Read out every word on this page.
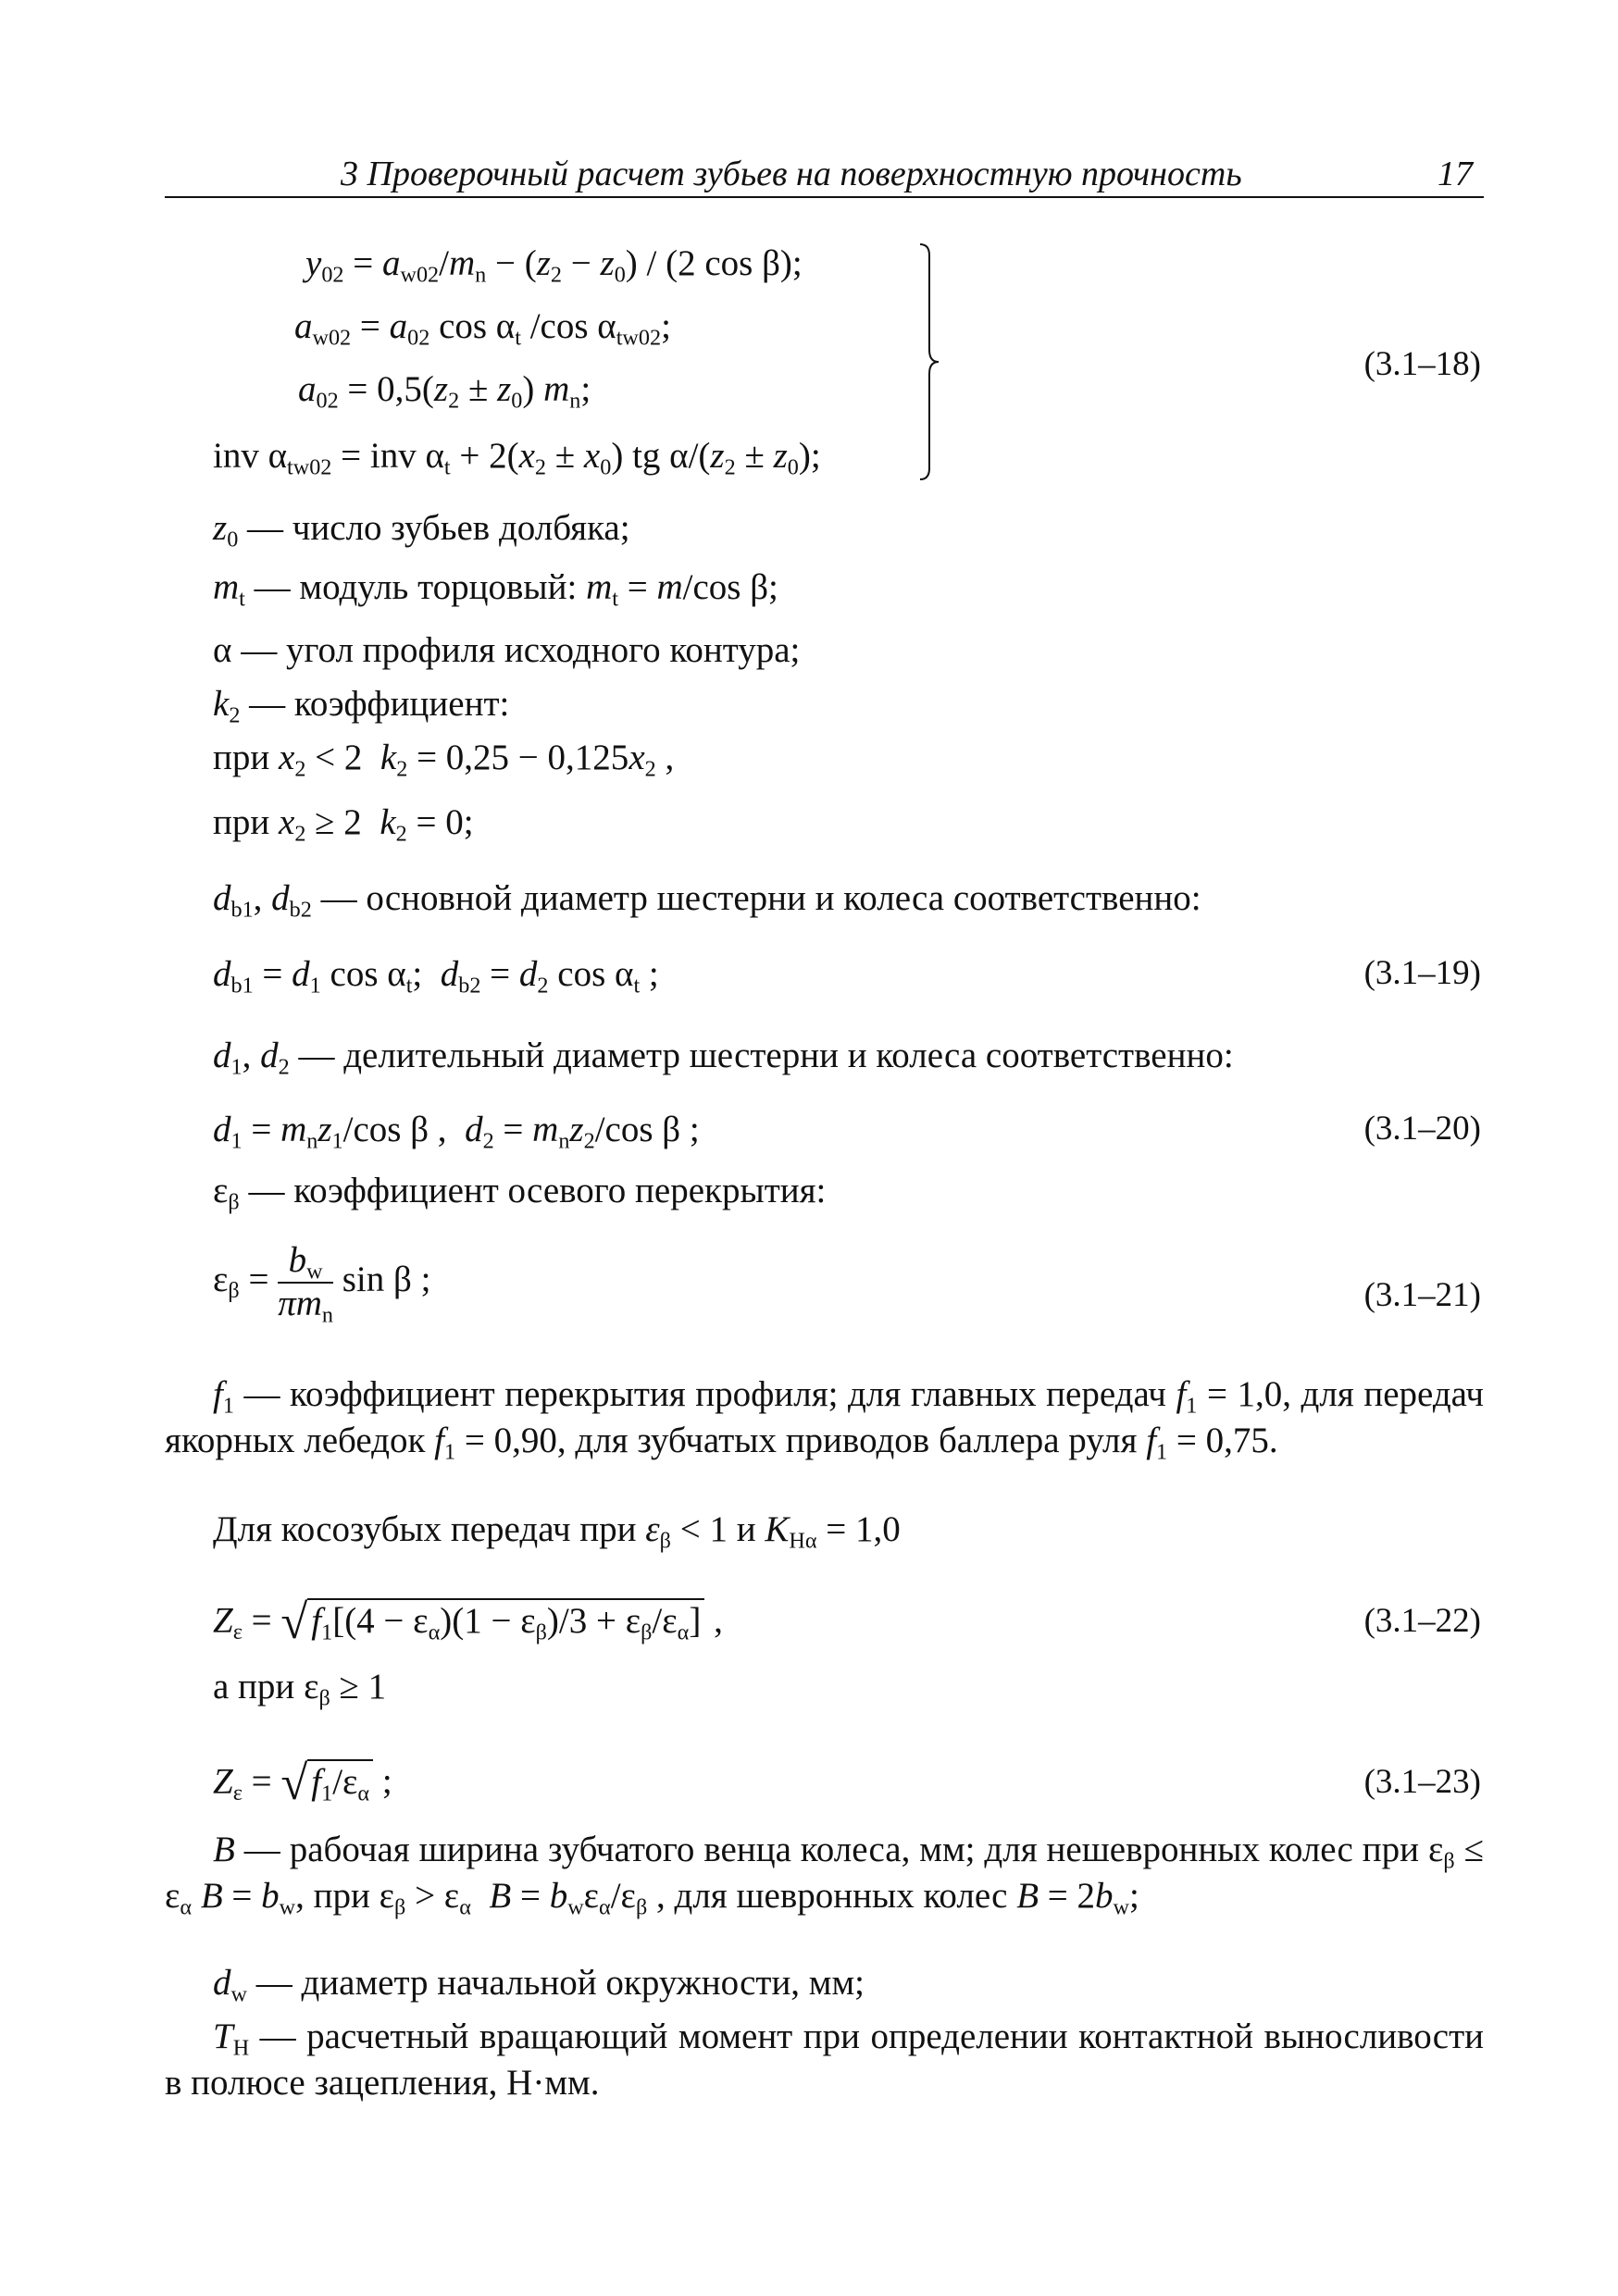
3 Проверочный расчет зубьев на поверхностную прочность	17
$y_{02} = a_{w02}/m_n - (z_2 - z_0) / (2$ cos β);
$a_{w02} = a_{02}$ $\cos \alpha_t$ /cos $\alpha_{tw02}$;
$a_{02} = 0,5(z_2 \pm z_0)$ $m_n$;
inv $\alpha_{tw02}$ = inv $\alpha_t + 2(x_2 \pm x_0)$ tg $\alpha/(z_2 \pm z_0)$;
(3.1–18)
$z_0$ — число зубьев долбяка;
$m_t$ — модуль торцовый: $m_t = m/\cos$ β;
α — угол профиля исходного контура;
$k_2$ — коэффициент:
при $x_2 < 2$  $k_2 = 0,25 - 0,125x_2$ ,
при $x_2 \ge 2$  $k_2 = 0$;
$d_{b1}$, $d_{b2}$ — основной диаметр шестерни и колеса соответственно:
$d_{b1} = d_1$ $\cos \alpha_t$;  $d_{b2} = d_2$ $\cos \alpha_t$ ;	(3.1–19)
$d_1$, $d_2$ — делительный диаметр шестерни и колеса соответственно:
$d_1 = m_nz_1/\cos$ β ,  $d_2 = m_nz_2/\cos$ β ;	(3.1–20)
$\varepsilon_\beta$ — коэффициент осевого перекрытия:
$\varepsilon_\beta = \frac{b_w}{\pi m_n}$ sin β ;	(3.1–21)
$f_1$ — коэффициент перекрытия профиля; для главных передач $f_1 = 1,0$, для передач якорных лебедок $f_1 = 0,90$, для зубчатых приводов баллера руля $f_1 = 0,75$.
Для косозубых передач при $\varepsilon_\beta < 1$ и $K_{H\alpha} = 1,0$
$Z_\varepsilon$ = √ $f_1[(4 - \varepsilon_\alpha)(1 - \varepsilon_\beta)/3 + \varepsilon_\beta/\varepsilon_\alpha]$ ,	(3.1–22)
а при $\varepsilon_\beta \ge 1$
$Z_\varepsilon$ = √ $f_1/\varepsilon_\alpha$ ;	(3.1–23)
B — рабочая ширина зубчатого венца колеса, мм; для нешевронных колес при $\varepsilon_\beta \le \varepsilon_\alpha$ $B = b_w$, при $\varepsilon_\beta > \varepsilon_\alpha$ $B = b_w\varepsilon_\alpha/\varepsilon_\beta$ , для шевронных колес $B = 2b_w$;
$d_w$ — диаметр начальной окружности, мм;
$T_H$ — расчетный вращающий момент при определении контактной выносливости в полюсе зацепления, Н·мм.
